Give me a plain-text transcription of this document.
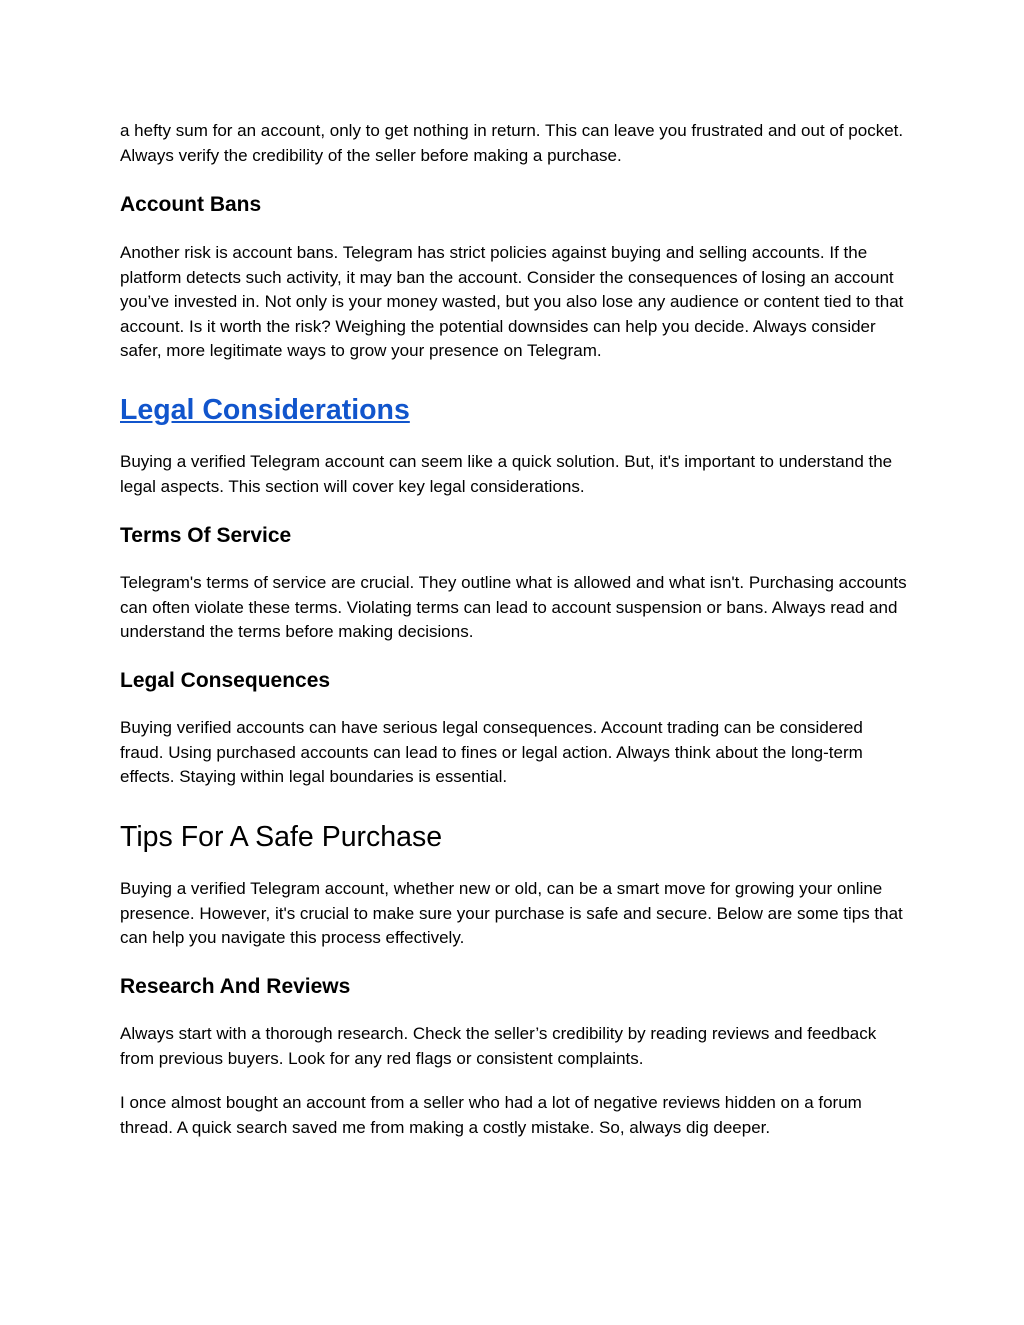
a hefty sum for an account, only to get nothing in return. This can leave you frustrated and out of pocket. Always verify the credibility of the seller before making a purchase.

Account Bans

Another risk is account bans. Telegram has strict policies against buying and selling accounts. If the platform detects such activity, it may ban the account. Consider the consequences of losing an account you’ve invested in. Not only is your money wasted, but you also lose any audience or content tied to that account. Is it worth the risk? Weighing the potential downsides can help you decide. Always consider safer, more legitimate ways to grow your presence on Telegram.

Legal Considerations

Buying a verified Telegram account can seem like a quick solution. But, it's important to understand the legal aspects. This section will cover key legal considerations.

Terms Of Service

Telegram's terms of service are crucial. They outline what is allowed and what isn't. Purchasing accounts can often violate these terms. Violating terms can lead to account suspension or bans. Always read and understand the terms before making decisions.

Legal Consequences

Buying verified accounts can have serious legal consequences. Account trading can be considered fraud. Using purchased accounts can lead to fines or legal action. Always think about the long-term effects. Staying within legal boundaries is essential.

Tips For A Safe Purchase

Buying a verified Telegram account, whether new or old, can be a smart move for growing your online presence. However, it's crucial to make sure your purchase is safe and secure. Below are some tips that can help you navigate this process effectively.

Research And Reviews

Always start with a thorough research. Check the seller’s credibility by reading reviews and feedback from previous buyers. Look for any red flags or consistent complaints.

I once almost bought an account from a seller who had a lot of negative reviews hidden on a forum thread. A quick search saved me from making a costly mistake. So, always dig deeper.
